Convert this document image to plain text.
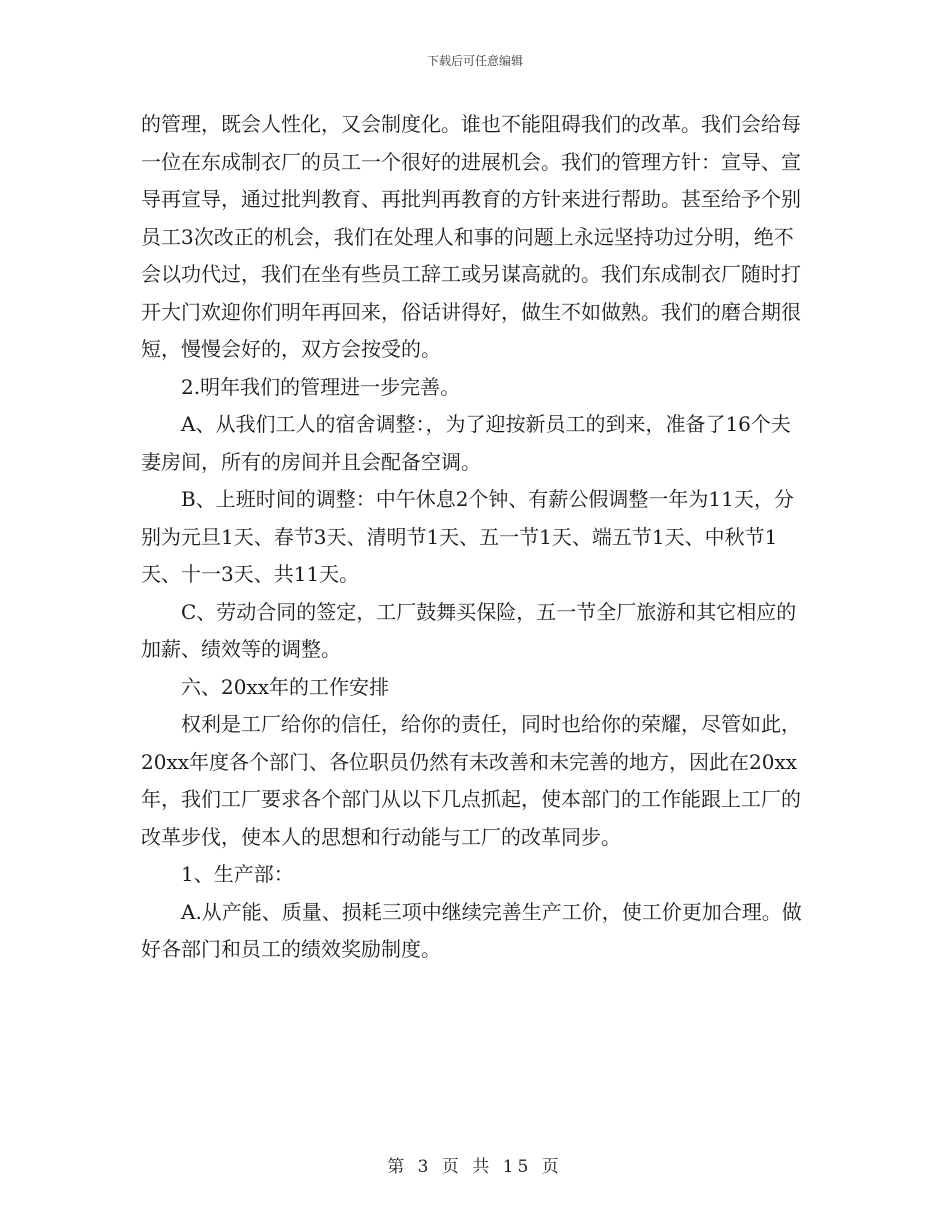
下载后可任意编辑

的管理，既会人性化，又会制度化。谁也不能阻碍我们的改革。我们会给每一位在东成制衣厂的员工一个很好的进展机会。我们的管理方针：宣导、宣导再宣导，通过批判教育、再批判再教育的方针来进行帮助。甚至给予个别员工3次改正的机会，我们在处理人和事的问题上永远坚持功过分明，绝不会以功代过，我们在坐有些员工辞工或另谋高就的。我们东成制衣厂随时打开大门欢迎你们明年再回来，俗话讲得好，做生不如做熟。我们的磨合期很短，慢慢会好的，双方会按受的。

2.明年我们的管理进一步完善。

A、从我们工人的宿舍调整：，为了迎按新员工的到来，准备了16个夫妻房间，所有的房间并且会配备空调。

B、上班时间的调整：中午休息2个钟、有薪公假调整一年为11天，分别为元旦1天、春节3天、清明节1天、五一节1天、端五节1天、中秋节1天、十一3天、共11天。

C、劳动合同的签定，工厂鼓舞买保险，五一节全厂旅游和其它相应的加薪、绩效等的调整。

六、20xx年的工作安排

权利是工厂给你的信任，给你的责任，同时也给你的荣耀，尽管如此，20xx年度各个部门、各位职员仍然有未改善和未完善的地方，因此在20xx年，我们工厂要求各个部门从以下几点抓起，使本部门的工作能跟上工厂的改革步伐，使本人的思想和行动能与工厂的改革同步。

1、生产部：

A.从产能、质量、损耗三项中继续完善生产工价，使工价更加合理。做好各部门和员工的绩效奖励制度。

第 3 页 共 15 页
